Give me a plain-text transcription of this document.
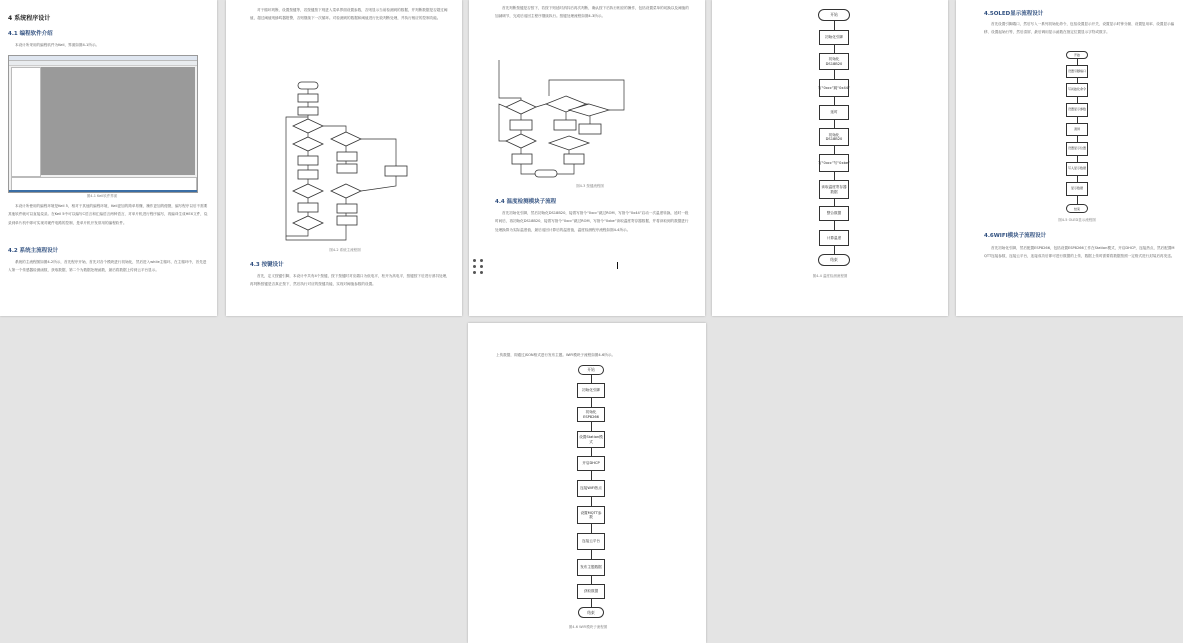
4 系统程序设计
4.1 编程软件介绍
本设计所采用的编程软件为Keil，界面如图4-1所示。
图4-1 Keil软件界面
本设计所使用的编程环境是Keil 5，相对于其他的编程环境，Keil更加的简单易懂，操作更加的便捷，编写程序以后不需要其他软件就可以直接烧录。在Keil 5中可以编写C语言和汇编语言两种语言，对单片机进行程序编写，再编译生成HEX文件，烧录到单片机中即可实现对硬件电路的控制，是单片机开发常用的编程软件。
4.2 系统主流程设计
系统的主流程图如图4-2所示，首先程序开始，首先对各个模块进行初始化，然后进入while主循环，在主循环中，首先进入第一个传感器检测函数，获取数据，第二个为数据处理函数，最后将数据上传到云平台显示。
对于循环判断，设置按键等，若按键按下则进入菜单界面设置参数，否则显示当前检测到的数据，并判断数据是否超过阈值，超过阈值则蜂鸣器报警，否则继续下一次循环。对检测到的数据和阈值进行比较判断处理，并执行相应的控制功能。
图4-2 系统主流程图
4.3 按键设计
首先，定义按键引脚，本设计中共有4个按键，按下按键时对应端口为低电平，松开为高电平，按键按下后进行消抖处理，再判断按键是否真正按下，然后执行对应的按键功能，实现对阈值参数的设置。
首先判断按键是否按下，若按下则延时消抖后再次判断，确认按下后执行相应的操作，包括设置菜单的切换以及阈值的加减调节，完成后返回主程序继续执行。按键处理流程如图4-3所示。
图4-3 按键流程图
4.4 温度检测模块子流程
首先初始化引脚，然后初始化DS18B20，接着写指令“0xcc”跳过ROM，写指令“0x44”启动一次温度转换，延时一段时间后，再初始化DS18B20，接着写指令“0xcc”跳过ROM，写指令“0xbe”读取温度寄存器数据，并将读取到的数据进行处理换算为实际温度值，最后返回计算后的温度值，温度检测程序流程如图4-4所示。
开始
初始化引脚
初始化DS18B20
写“0xcc”跳“0x44”
延时
初始化DS18B20
写“0xcc”写“0xbe”
读取温度寄存器数据
整合数据
计算温度
结束
图4-4 温度检测流程图
4.5OLED显示流程设计
首先设置引脚端口，然后写入一系列初始化命令，包括设置显示开关、设置显示时钟分频、设置复用率、设置显示偏移、设置起始行等，然后清屏，最后调用显示函数在指定位置显示字符或数字。
开始
设置引脚端口
写初始化命令
设置显示参数
清屏
设置显示位置
写入显示数据
显示数据
结束
图4-5 OLED显示流程图
4.6WIFI模块子流程设计
首先初始化引脚，然后配置ESP8266，包括设置ESP8266工作在Station模式，开启DHCP，连接热点，然后配置MQTT连接参数，连接云平台，连接成功后即可进行数据的上传，数据上传时需要将数据按照一定格式进行封装后再发送。
上传数据，即通过JSON格式进行发布主题。WiFi模块子流程如图4-6所示。
开始
初始化引脚
初始化ESP8266
设置Station模式
开启DHCP
连接WiFi热点
设置MQTT参数
连接云平台
发布主题数据
获取数据
结束
图4-6 WiFi模块子流程图
